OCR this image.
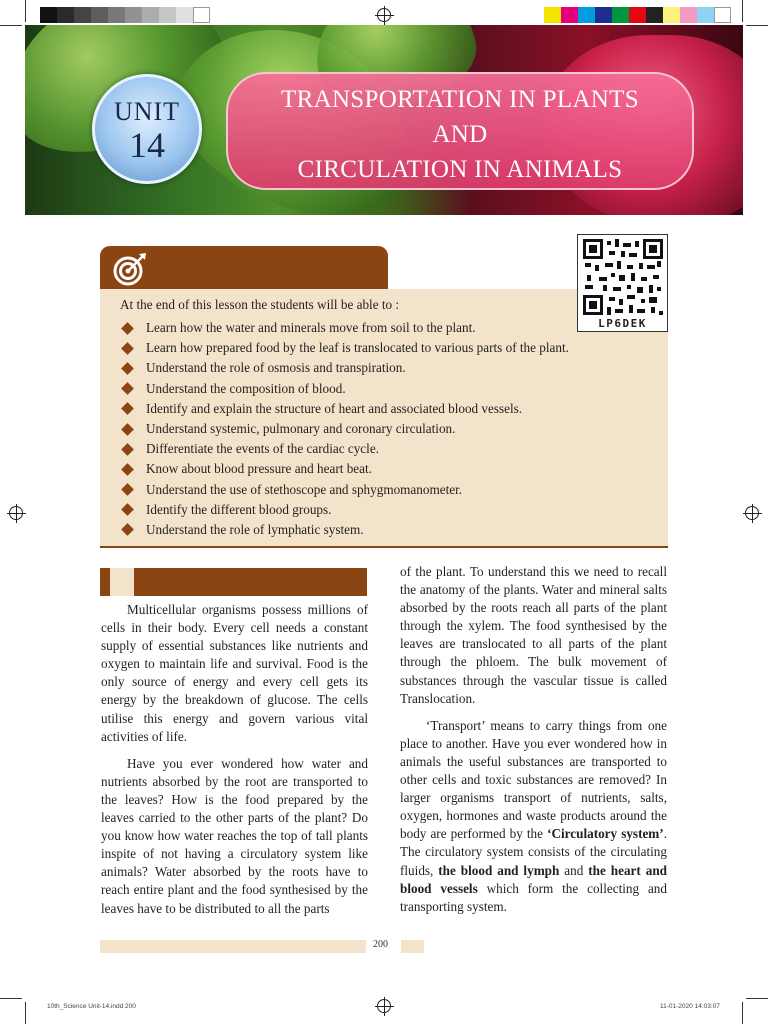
UNIT
14
TRANSPORTATION IN PLANTS
AND
CIRCULATION IN ANIMALS
At the end of this lesson the students will be able to :
Learn how the water and minerals move from soil to the plant.
Learn how prepared food by the leaf is translocated to various parts of the plant.
Understand the role of osmosis and transpiration.
Understand the composition of blood.
Identify and explain the structure of heart and associated blood vessels.
Understand systemic, pulmonary and coronary circulation.
Differentiate the events of the cardiac cycle.
Know about blood pressure and heart beat.
Understand the use of stethoscope and sphygmomanometer.
Identify the different blood groups.
Understand the role of lymphatic system.
LP6DEK

Multicellular organisms possess millions of cells in their body. Every cell needs a constant supply of essential substances like nutrients and oxygen to maintain life and survival. Food is the only source of energy and every cell gets its energy by the breakdown of glucose. The cells utilise this energy and govern various vital activities of life.

Have you ever wondered how water and nutrients absorbed by the root are transported to the leaves? How is the food prepared by the leaves carried to the other parts of the plant? Do you know how water reaches the top of tall plants inspite of not having a circulatory system like animals? Water absorbed by the roots have to reach entire plant and the food synthesised by the leaves have to be distributed to all the parts

of the plant. To understand this we need to recall the anatomy of the plants. Water and mineral salts absorbed by the roots reach all parts of the plant through the xylem. The food synthesised by the leaves are translocated to all parts of the plant through the phloem. The bulk movement of substances through the vascular tissue is called Translocation.

‘Transport’ means to carry things from one place to another. Have you ever wondered how in animals the useful substances are transported to other cells and toxic substances are removed? In larger organisms transport of nutrients, salts, oxygen, hormones and waste products around the body are performed by the ‘Circulatory system’. The circulatory system consists of the circulating fluids, the blood and lymph and the heart and blood vessels which form the collecting and transporting system.

200
10th_Science Unit-14.indd 200	11-01-2020 14:03:07
